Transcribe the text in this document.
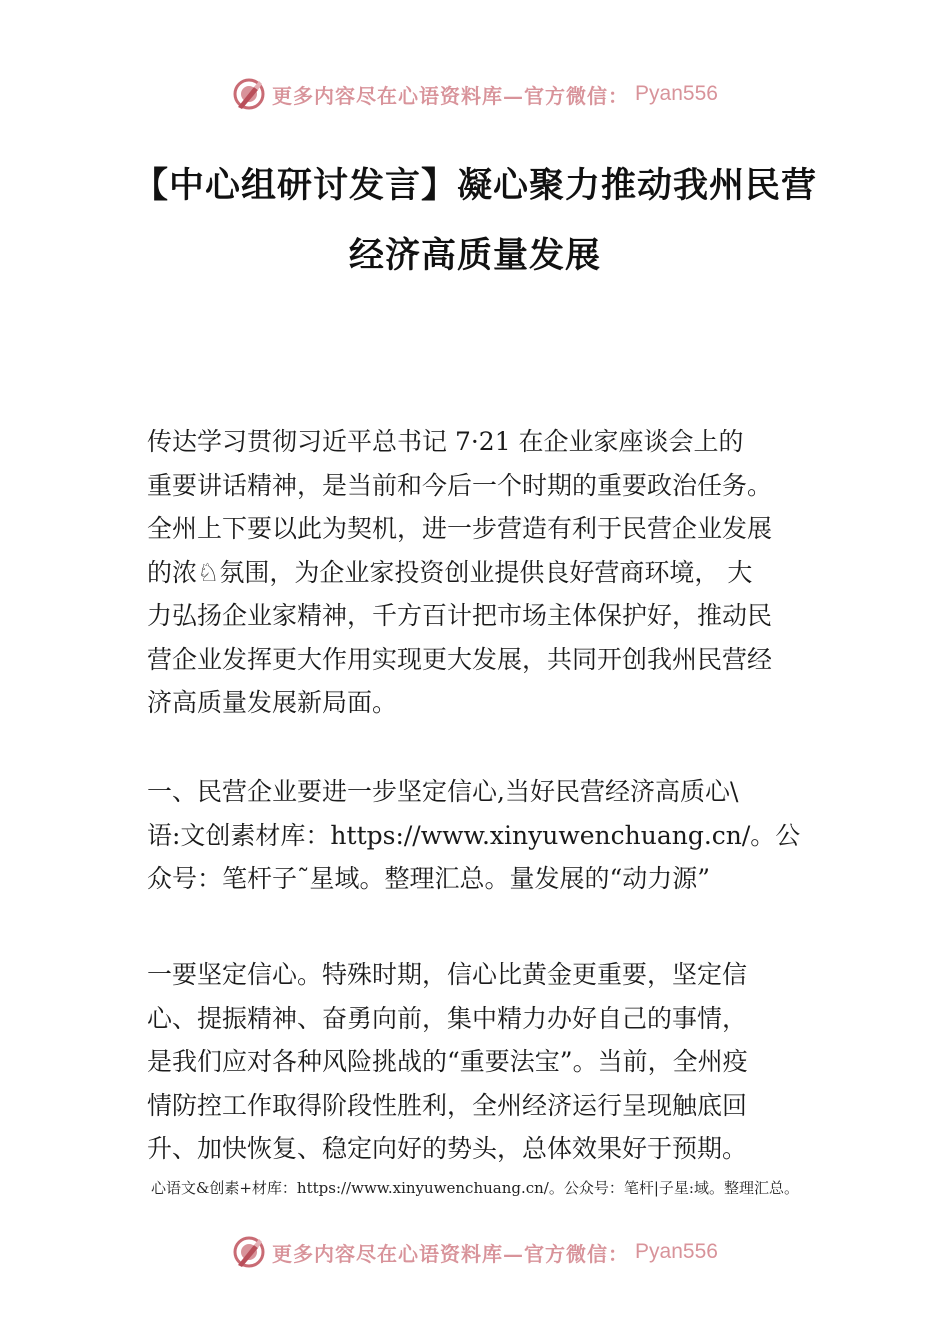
更多内容尽在心语资料库—官方微信： Pyan556
【中心组研讨发言】凝心聚力推动我州民营
经济高质量发展
传达学习贯彻习近平总书记 7·21 在企业家座谈会上的
重要讲话精神，是当前和今后一个时期的重要政治任务。
全州上下要以此为契机，进一步营造有利于民营企业发展
的浓♘氛围，为企业家投资创业提供良好营商环境， 大
力弘扬企业家精神，千方百计把市场主体保护好，推动民
营企业发挥更大作用实现更大发展，共同开创我州民营经
济高质量发展新局面。
一、民营企业要进一步坚定信心,当好民营经济高质心\
语:文创素材库：https://www.xinyuwenchuang.cn/。公
众号：笔杆子˜星域。整理汇总。量发展的“动力源”
一要坚定信心。特殊时期，信心比黄金更重要，坚定信
心、提振精神、奋勇向前，集中精力办好自己的事情，
是我们应对各种风险挑战的“重要法宝”。当前，全州疫
情防控工作取得阶段性胜利，全州经济运行呈现触底回
升、加快恢复、稳定向好的势头，总体效果好于预期。
心语文&创素+材库：https://www.xinyuwenchuang.cn/。公众号：笔杆|子星:域。整理汇总。
更多内容尽在心语资料库—官方微信： Pyan556
